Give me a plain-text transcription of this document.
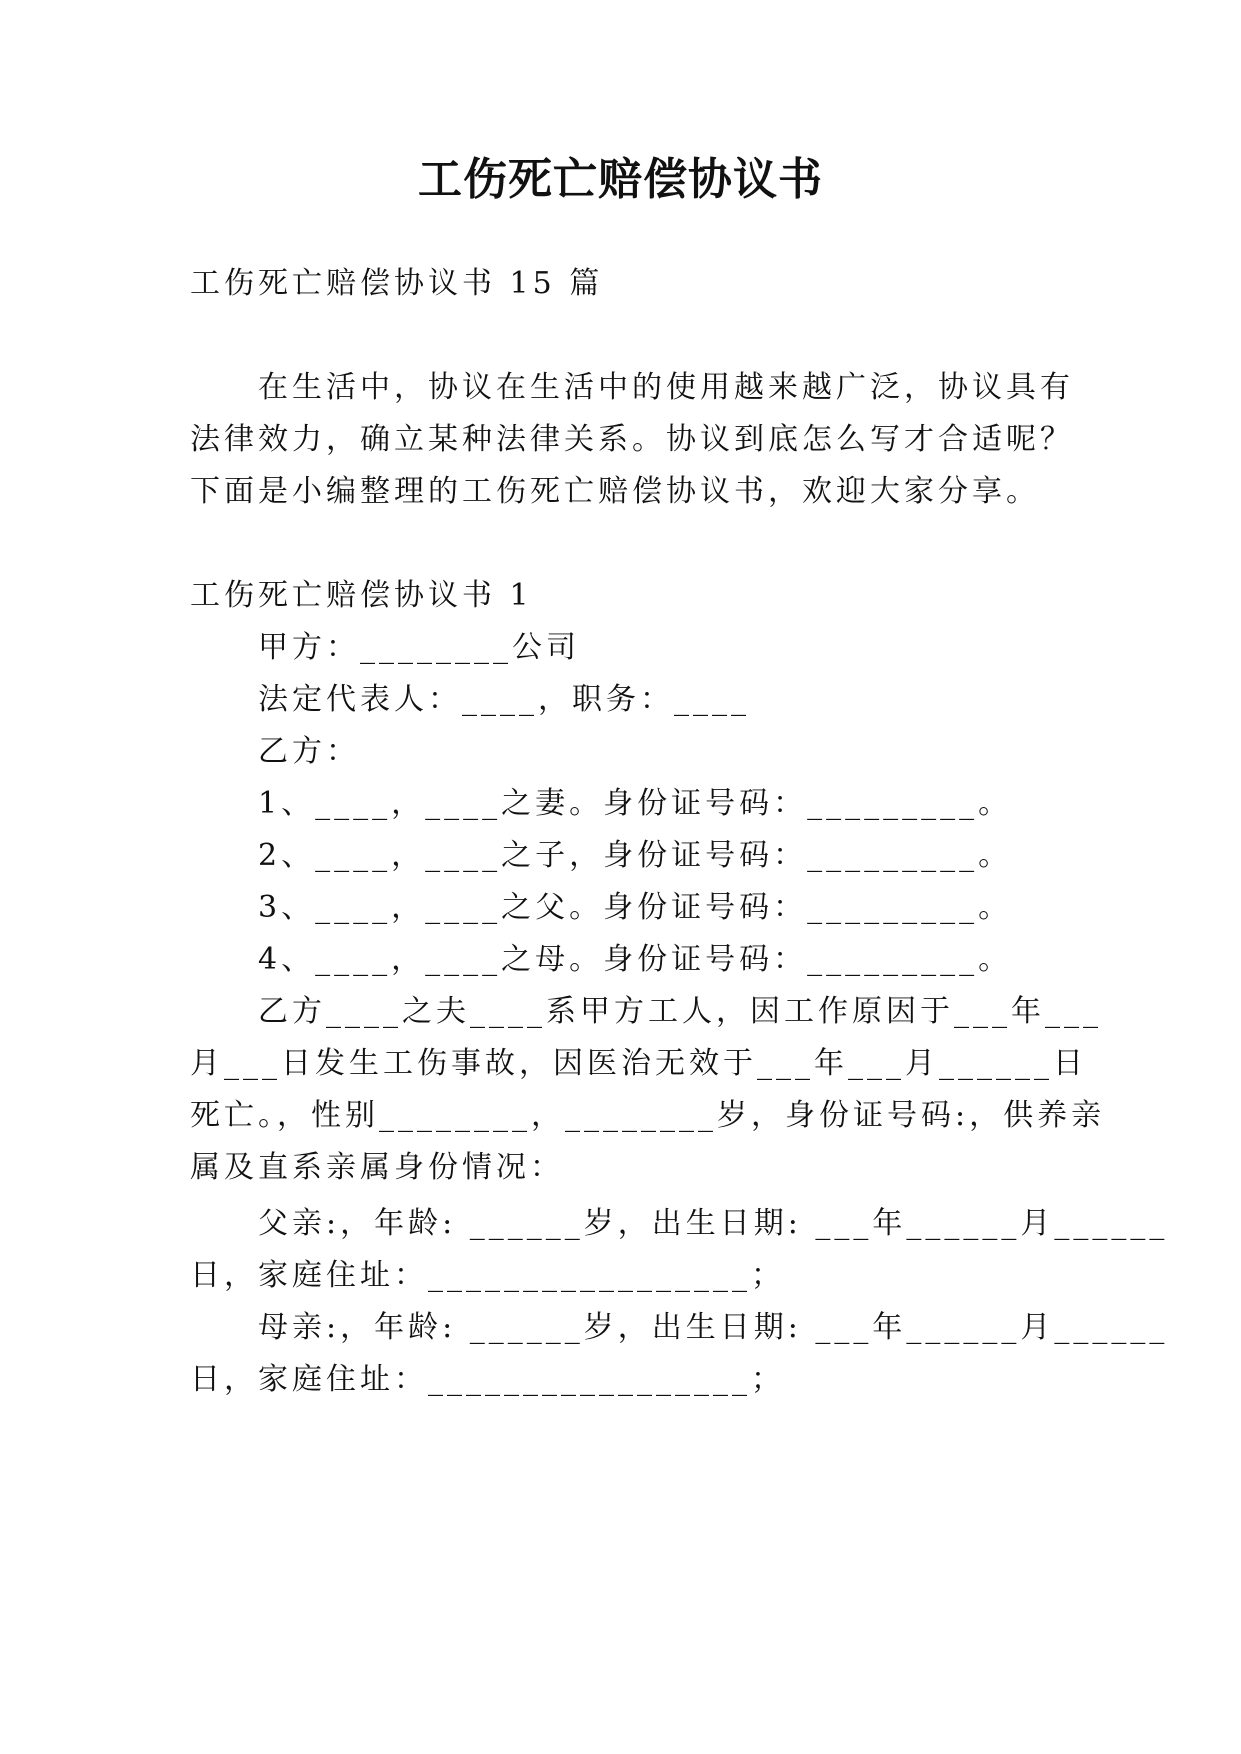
工伤死亡赔偿协议书
工伤死亡赔偿协议书 15 篇
在生活中，协议在生活中的使用越来越广泛，协议具有
法律效力，确立某种法律关系。协议到底怎么写才合适呢？
下面是小编整理的工伤死亡赔偿协议书，欢迎大家分享。
工伤死亡赔偿协议书 1
甲方：________公司
法定代表人：____，职务：____
乙方：
1、____，____之妻。身份证号码：_________。
2、____，____之子，身份证号码：_________。
3、____，____之父。身份证号码：_________。
4、____，____之母。身份证号码：_________。
乙方____之夫____系甲方工人，因工作原因于___年___
月___日发生工伤事故，因医治无效于___年___月______日
死亡。，性别________，________岁，身份证号码:，供养亲
属及直系亲属身份情况：
父亲:，年龄: ______岁，出生日期: ___年______月______
日，家庭住址：_________________；
母亲:，年龄: ______岁，出生日期: ___年______月______
日，家庭住址：_________________；
